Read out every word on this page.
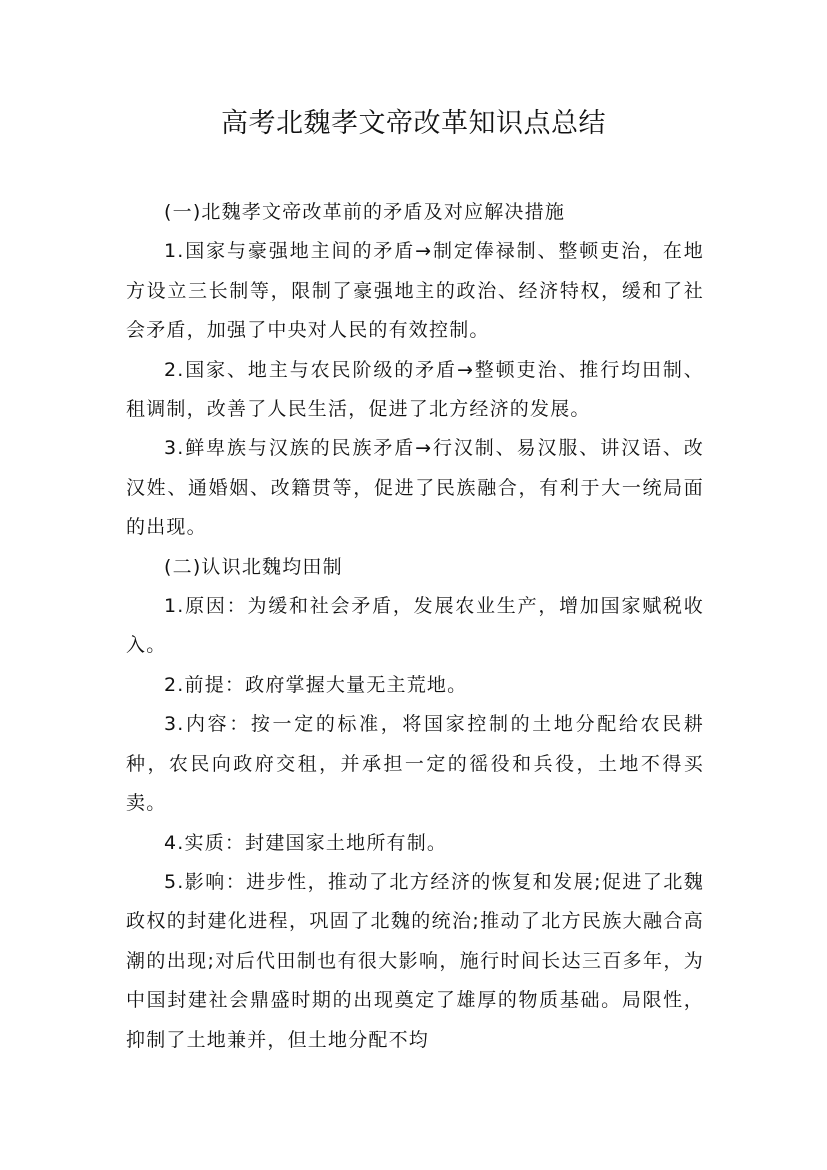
高考北魏孝文帝改革知识点总结

(一)北魏孝文帝改革前的矛盾及对应解决措施

1.国家与豪强地主间的矛盾→制定俸禄制、整顿吏治，在地方设立三长制等，限制了豪强地主的政治、经济特权，缓和了社会矛盾，加强了中央对人民的有效控制。

2.国家、地主与农民阶级的矛盾→整顿吏治、推行均田制、租调制，改善了人民生活，促进了北方经济的发展。

3.鲜卑族与汉族的民族矛盾→行汉制、易汉服、讲汉语、改汉姓、通婚姻、改籍贯等，促进了民族融合，有利于大一统局面的出现。

(二)认识北魏均田制

1.原因：为缓和社会矛盾，发展农业生产，增加国家赋税收入。

2.前提：政府掌握大量无主荒地。

3.内容：按一定的标准，将国家控制的土地分配给农民耕种，农民向政府交租，并承担一定的徭役和兵役，土地不得买卖。

4.实质：封建国家土地所有制。

5.影响：进步性，推动了北方经济的恢复和发展;促进了北魏政权的封建化进程，巩固了北魏的统治;推动了北方民族大融合高潮的出现;对后代田制也有很大影响，施行时间长达三百多年，为中国封建社会鼎盛时期的出现奠定了雄厚的物质基础。局限性，抑制了土地兼并，但土地分配不均
